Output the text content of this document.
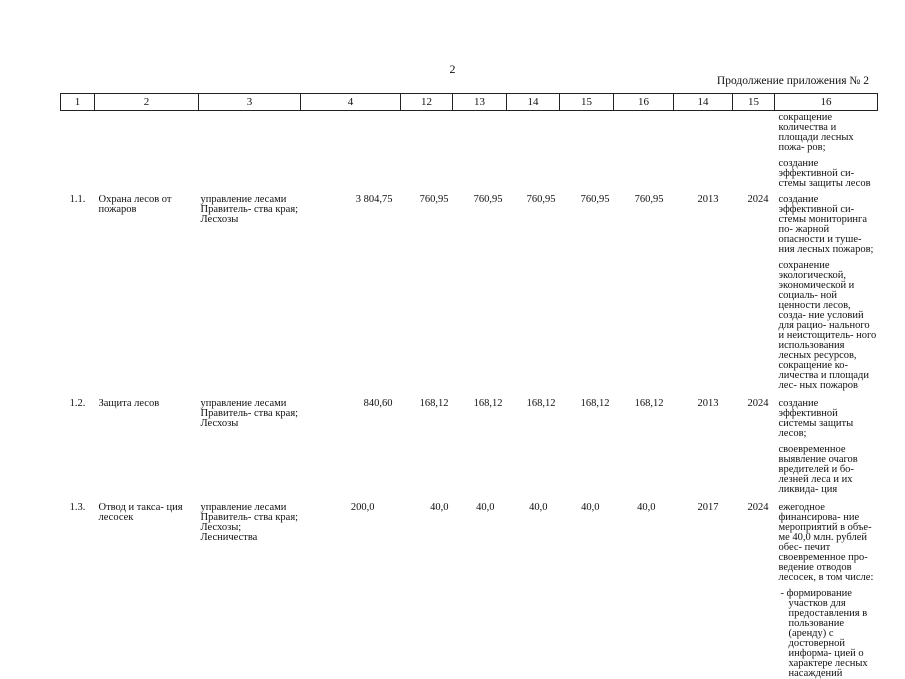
2
Продолжение приложения № 2
1	2	3	4	12	13	14	15	16	14	15	16

											сокращение количества и площади лесных пожа- ров;

создание эффективной си- стемы защиты лесов

1.1.	Охрана лесов от пожаров	управление лесами Правитель- ства края; Лесхозы	3 804,75	760,95	760,95	760,95	760,95	760,95	2013	2024	создание эффективной си- стемы мониторинга по- жарной опасности и туше- ния лесных пожаров;

сохранение экологической, экономической и социаль- ной ценности лесов, созда- ние условий для рацио- нального и неистощитель- ного использования лесных ресурсов, сокращение ко- личества и площади лес- ных пожаров

1.2.	Защита лесов	управление лесами Правитель- ства края; Лесхозы	840,60	168,12	168,12	168,12	168,12	168,12	2013	2024	создание эффективной системы защиты лесов;

своевременное выявление очагов вредителей и бо- лезней леса и их ликвида- ция

1.3.	Отвод и такса- ция лесосек	управление лесами Правитель- ства края; Лесхозы; Лесничества	200,0	40,0	40,0	40,0	40,0	40,0	2017	2024	ежегодное финансирова- ние мероприятий в объе- ме 40,0 млн. рублей обес- печит своевременное про- ведение отводов лесосек, в том числе:

- формирование участков для предоставления в пользование (аренду) с достоверной информа- цией о характере лесных насаждений
